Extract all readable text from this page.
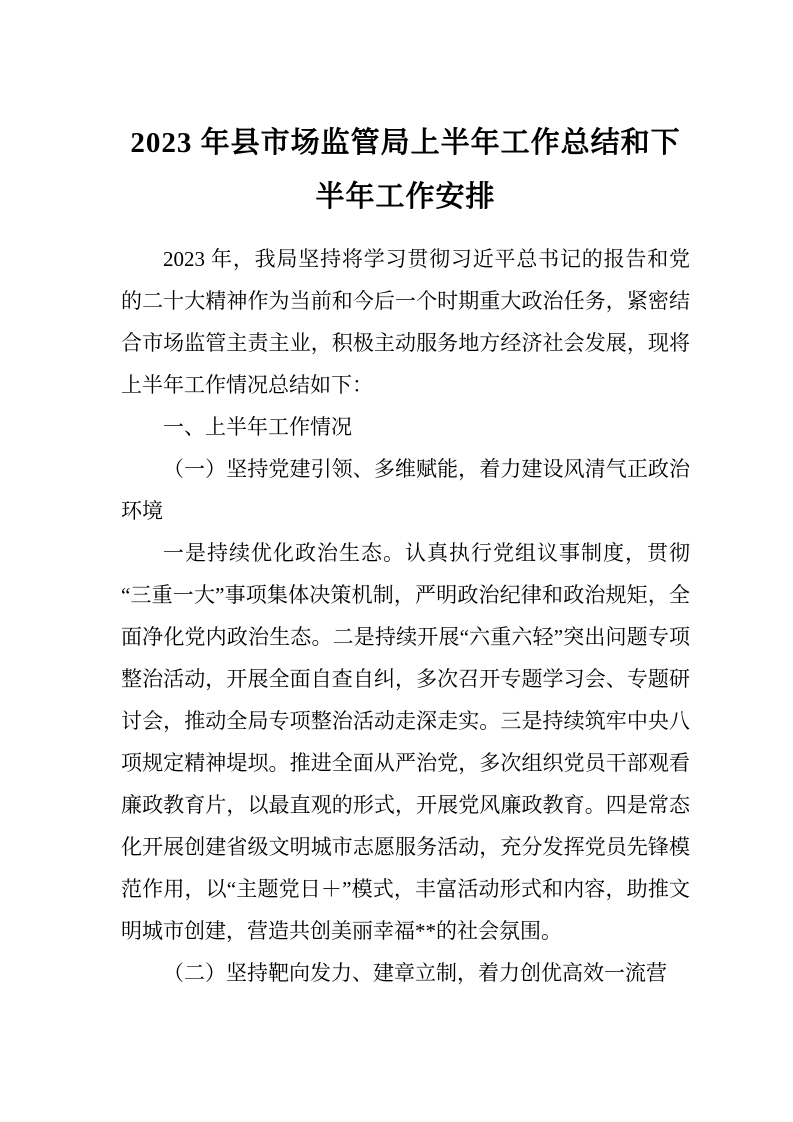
2023 年县市场监管局上半年工作总结和下半年工作安排

2023 年，我局坚持将学习贯彻习近平总书记的报告和党的二十大精神作为当前和今后一个时期重大政治任务，紧密结合市场监管主责主业，积极主动服务地方经济社会发展，现将上半年工作情况总结如下：

一、上半年工作情况

（一）坚持党建引领、多维赋能，着力建设风清气正政治环境

一是持续优化政治生态。认真执行党组议事制度，贯彻“三重一大”事项集体决策机制，严明政治纪律和政治规矩，全面净化党内政治生态。二是持续开展“六重六轻”突出问题专项整治活动，开展全面自查自纠，多次召开专题学习会、专题研讨会，推动全局专项整治活动走深走实。三是持续筑牢中央八项规定精神堤坝。推进全面从严治党，多次组织党员干部观看廉政教育片，以最直观的形式，开展党风廉政教育。四是常态化开展创建省级文明城市志愿服务活动，充分发挥党员先锋模范作用，以“主题党日＋”模式，丰富活动形式和内容，助推文明城市创建，营造共创美丽幸福**的社会氛围。

（二）坚持靶向发力、建章立制，着力创优高效一流营
